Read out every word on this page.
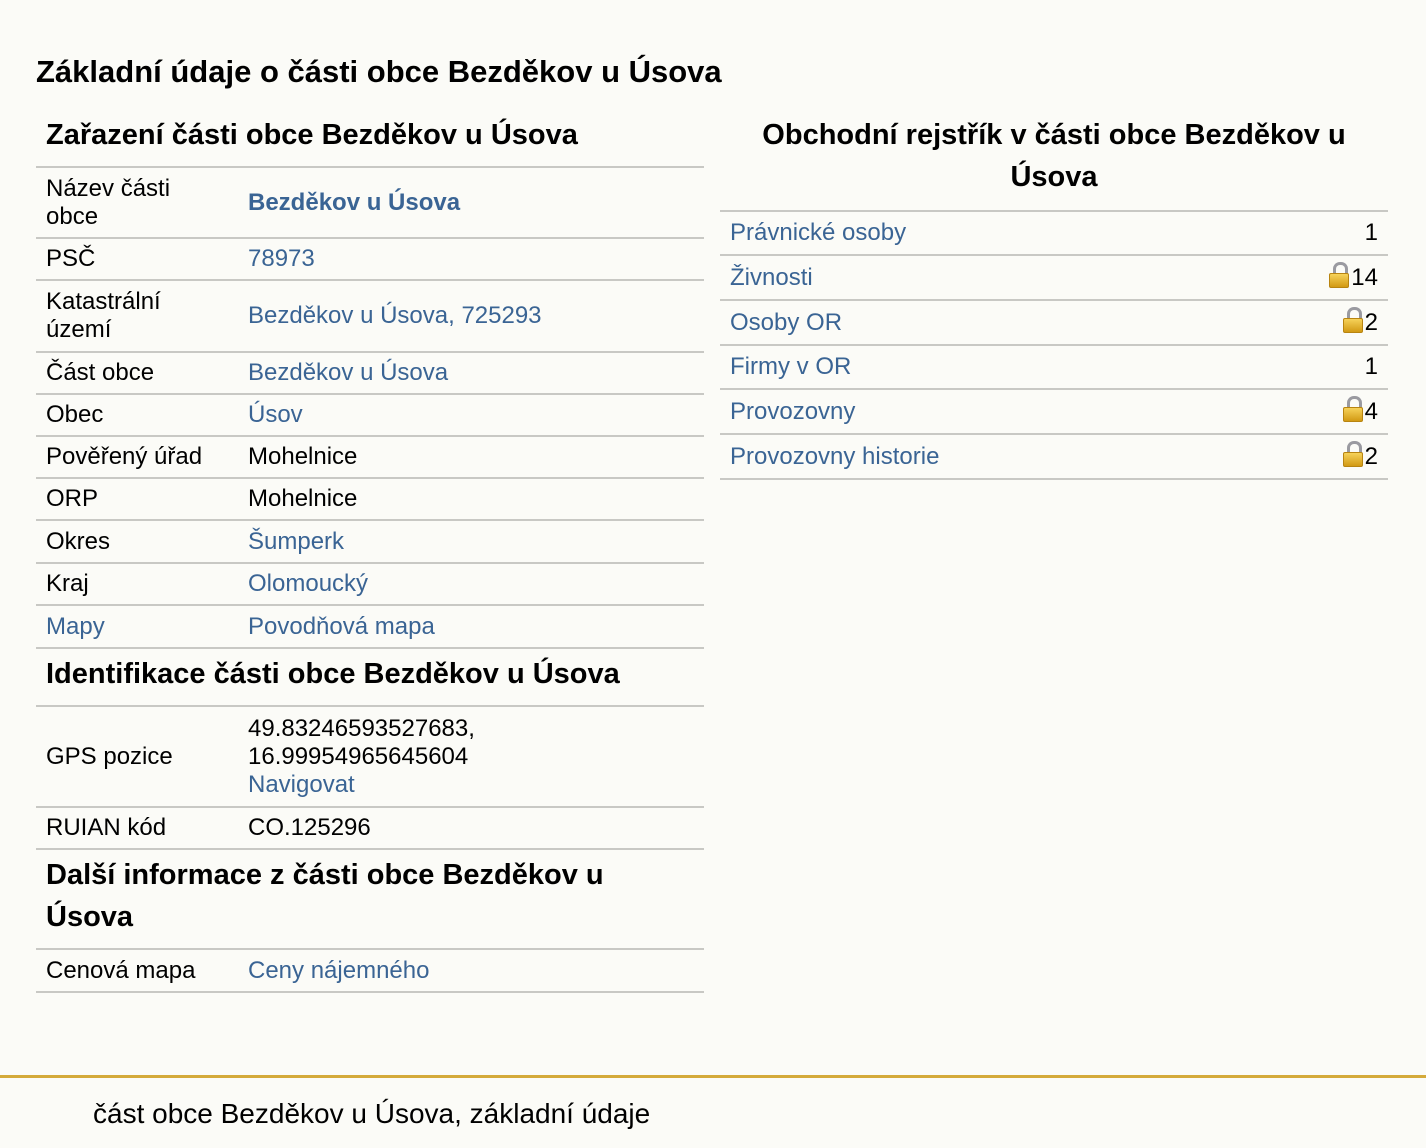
Základní údaje o části obce Bezděkov u Úsova
Zařazení části obce Bezděkov u Úsova
Název části obce	Bezděkov u Úsova
PSČ	78973
Katastrální území	Bezděkov u Úsova, 725293
Část obce	Bezděkov u Úsova
Obec	Úsov
Pověřený úřad	Mohelnice
ORP	Mohelnice
Okres	Šumperk
Kraj	Olomoucký
Mapy	Povodňová mapa
Identifikace části obce Bezděkov u Úsova
GPS pozice	49.83246593527683,
16.99954965645604
Navigovat
RUIAN kód	CO.125296
Další informace z části obce Bezděkov u Úsova
Cenová mapa	Ceny nájemného
Obchodní rejstřík v části obce Bezděkov u Úsova
Právnické osoby	1
Živnosti	14
Osoby OR	2
Firmy v OR	1
Provozovny	4
Provozovny historie	2
část obce Bezděkov u Úsova, základní údaje
